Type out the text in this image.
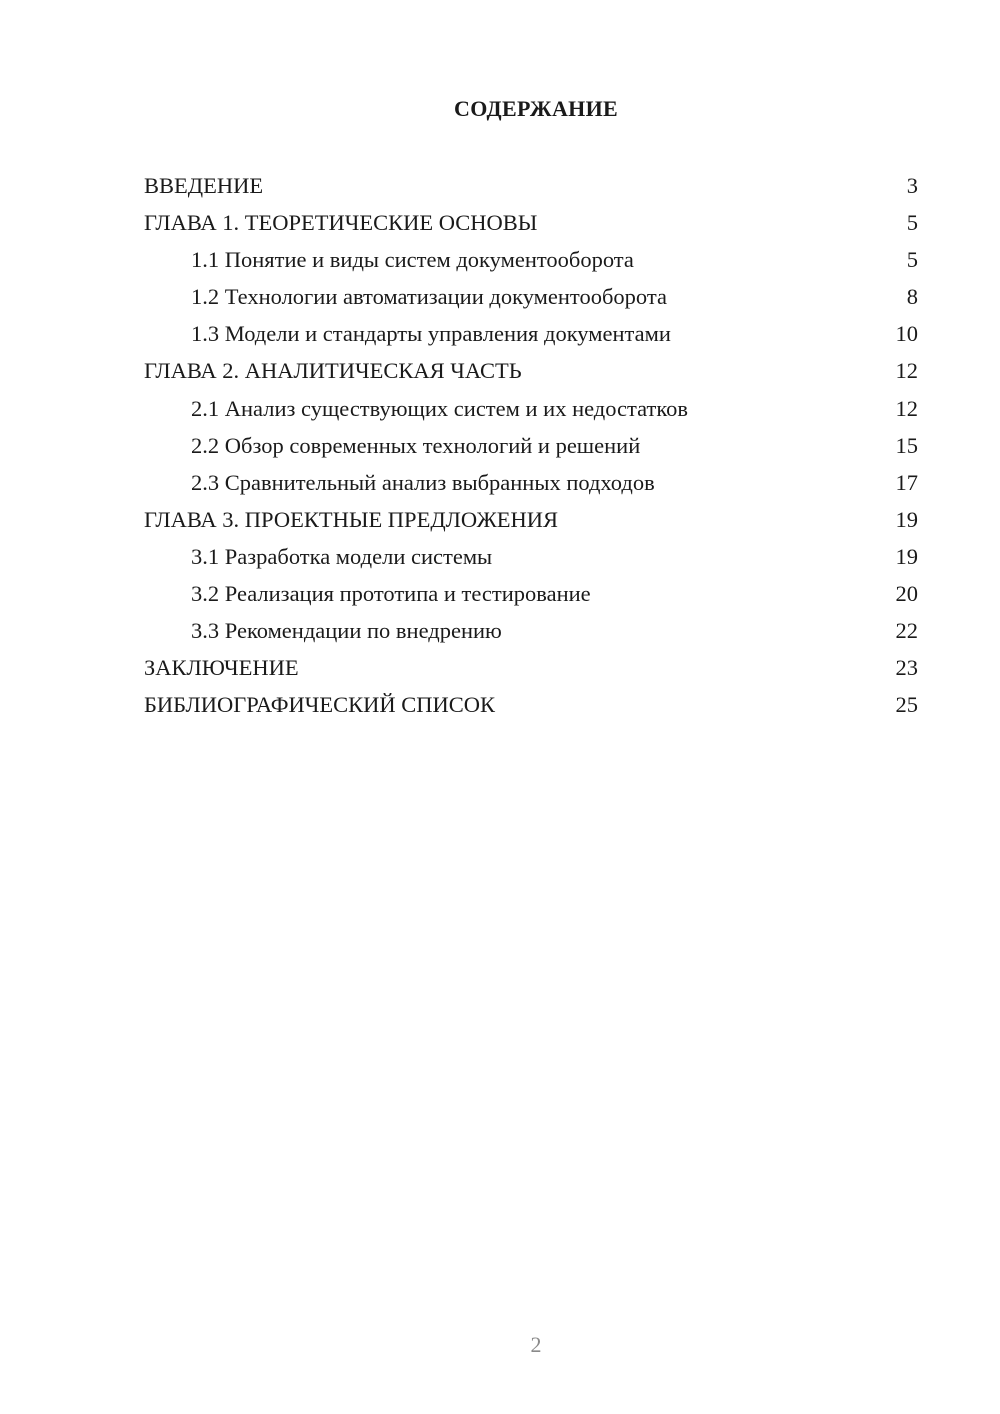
СОДЕРЖАНИЕ
ВВЕДЕНИЕ	3
ГЛАВА 1. ТЕОРЕТИЧЕСКИЕ ОСНОВЫ	5
1.1 Понятие и виды систем документооборота	5
1.2 Технологии автоматизации документооборота	8
1.3 Модели и стандарты управления документами	10
ГЛАВА 2. АНАЛИТИЧЕСКАЯ ЧАСТЬ	12
2.1 Анализ существующих систем и их недостатков	12
2.2 Обзор современных технологий и решений	15
2.3 Сравнительный анализ выбранных подходов	17
ГЛАВА 3. ПРОЕКТНЫЕ ПРЕДЛОЖЕНИЯ	19
3.1 Разработка модели системы	19
3.2 Реализация прототипа и тестирование	20
3.3 Рекомендации по внедрению	22
ЗАКЛЮЧЕНИЕ	23
БИБЛИОГРАФИЧЕСКИЙ СПИСОК	25
2
